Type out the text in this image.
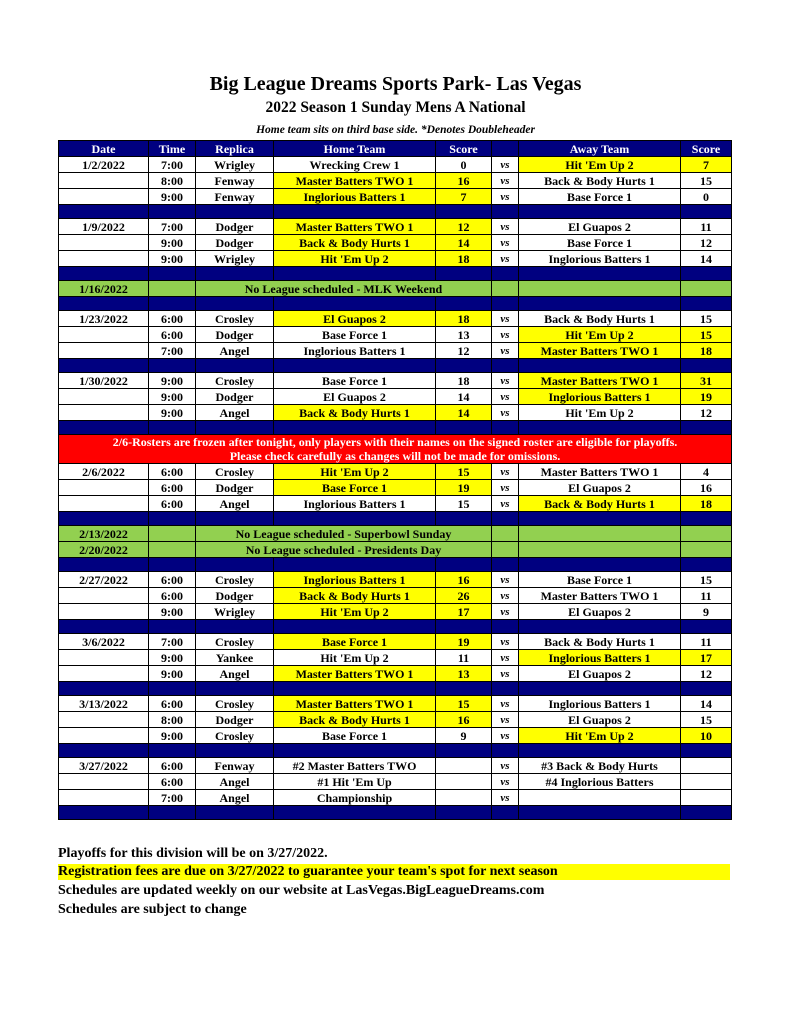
Big League Dreams Sports Park- Las Vegas
2022 Season 1 Sunday Mens A National
Home team sits on third base side. *Denotes Doubleheader
Date	Time	Replica	Home Team	Score		Away Team	Score
1/2/2022	7:00	Wrigley	Wrecking Crew 1	0	vs	Hit 'Em Up 2	7
	8:00	Fenway	Master Batters TWO 1	16	vs	Back & Body Hurts 1	15
	9:00	Fenway	Inglorious Batters 1	7	vs	Base Force 1	0

1/9/2022	7:00	Dodger	Master Batters TWO 1	12	vs	El Guapos 2	11
	9:00	Dodger	Back & Body Hurts 1	14	vs	Base Force 1	12
	9:00	Wrigley	Hit 'Em Up 2	18	vs	Inglorious Batters 1	14

1/16/2022		No League scheduled - MLK Weekend					

1/23/2022	6:00	Crosley	El Guapos 2	18	vs	Back & Body Hurts 1	15
	6:00	Dodger	Base Force 1	13	vs	Hit 'Em Up 2	15
	7:00	Angel	Inglorious Batters 1	12	vs	Master Batters TWO 1	18

1/30/2022	9:00	Crosley	Base Force 1	18	vs	Master Batters TWO 1	31
	9:00	Dodger	El Guapos 2	14	vs	Inglorious Batters 1	19
	9:00	Angel	Back & Body Hurts 1	14	vs	Hit 'Em Up 2	12

2/6-Rosters are frozen after tonight, only players with their names on the signed roster are eligible for playoffs.
Please check carefully as changes will not be made for omissions.							

2/6/2022	6:00	Crosley	Hit 'Em Up 2	15	vs	Master Batters TWO 1	4
	6:00	Dodger	Base Force 1	19	vs	El Guapos 2	16
	6:00	Angel	Inglorious Batters 1	15	vs	Back & Body Hurts 1	18

2/13/2022		No League scheduled - Superbowl Sunday					
2/20/2022		No League scheduled - Presidents Day					

2/27/2022	6:00	Crosley	Inglorious Batters 1	16	vs	Base Force 1	15
	6:00	Dodger	Back & Body Hurts 1	26	vs	Master Batters TWO 1	11
	9:00	Wrigley	Hit 'Em Up 2	17	vs	El Guapos 2	9

3/6/2022	7:00	Crosley	Base Force 1	19	vs	Back & Body Hurts 1	11
	9:00	Yankee	Hit 'Em Up 2	11	vs	Inglorious Batters 1	17
	9:00	Angel	Master Batters TWO 1	13	vs	El Guapos 2	12

3/13/2022	6:00	Crosley	Master Batters TWO 1	15	vs	Inglorious Batters 1	14
	8:00	Dodger	Back & Body Hurts 1	16	vs	El Guapos 2	15
	9:00	Crosley	Base Force 1	9	vs	Hit 'Em Up 2	10

3/27/2022	6:00	Fenway	#2 Master Batters TWO		vs	#3 Back & Body Hurts	
	6:00	Angel	#1 Hit 'Em Up		vs	#4 Inglorious Batters	
	7:00	Angel	Championship		vs		

Playoffs for this division will be on 3/27/2022.
Registration fees are due on 3/27/2022 to guarantee your team's spot for next season
Schedules are updated weekly on our website at LasVegas.BigLeagueDreams.com
Schedules are subject to change
